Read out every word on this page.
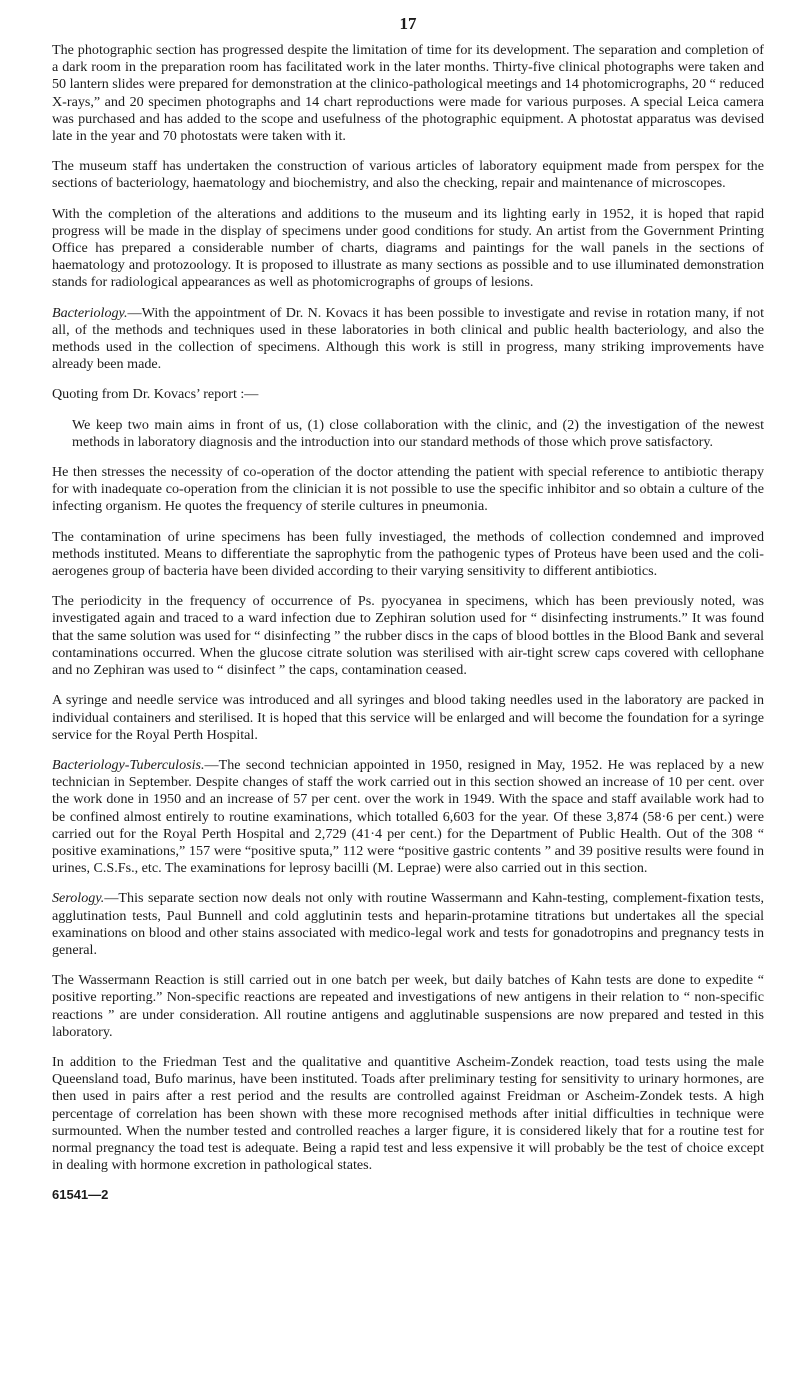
17

The photographic section has progressed despite the limitation of time for its development. The separation and completion of a dark room in the preparation room has facilitated work in the later months. Thirty-five clinical photographs were taken and 50 lantern slides were prepared for demonstration at the clinico-pathological meetings and 14 photomicrographs, 20 “ reduced X-rays,” and 20 specimen photographs and 14 chart reproductions were made for various purposes. A special Leica camera was purchased and has added to the scope and usefulness of the photographic equipment. A photostat apparatus was devised late in the year and 70 photostats were taken with it.

The museum staff has undertaken the construction of various articles of laboratory equipment made from perspex for the sections of bacteriology, haematology and biochemistry, and also the checking, repair and maintenance of microscopes.

With the completion of the alterations and additions to the museum and its lighting early in 1952, it is hoped that rapid progress will be made in the display of specimens under good conditions for study. An artist from the Government Printing Office has prepared a considerable number of charts, diagrams and paintings for the wall panels in the sections of haematology and protozoology. It is proposed to illustrate as many sections as possible and to use illuminated demonstration stands for radiological appearances as well as photomicrographs of groups of lesions.

Bacteriology.—With the appointment of Dr. N. Kovacs it has been possible to investigate and revise in rotation many, if not all, of the methods and techniques used in these laboratories in both clinical and public health bacteriology, and also the methods used in the collection of specimens. Although this work is still in progress, many striking improvements have already been made.

Quoting from Dr. Kovacs’ report :—

We keep two main aims in front of us, (1) close collaboration with the clinic, and (2) the investigation of the newest methods in laboratory diagnosis and the introduction into our standard methods of those which prove satisfactory.

He then stresses the necessity of co-operation of the doctor attending the patient with special reference to antibiotic therapy for with inadequate co-operation from the clinician it is not possible to use the specific inhibitor and so obtain a culture of the infecting organism. He quotes the frequency of sterile cultures in pneumonia.

The contamination of urine specimens has been fully investiaged, the methods of collection condemned and improved methods instituted. Means to differentiate the saprophytic from the pathogenic types of Proteus have been used and the coli-aerogenes group of bacteria have been divided according to their varying sensitivity to different antibiotics.

The periodicity in the frequency of occurrence of Ps. pyocyanea in specimens, which has been previously noted, was investigated again and traced to a ward infection due to Zephiran solution used for “ disinfecting instruments.” It was found that the same solution was used for “ disinfecting ” the rubber discs in the caps of blood bottles in the Blood Bank and several contaminations occurred. When the glucose citrate solution was sterilised with air-tight screw caps covered with cellophane and no Zephiran was used to “ disinfect ” the caps, contamination ceased.

A syringe and needle service was introduced and all syringes and blood taking needles used in the laboratory are packed in individual containers and sterilised. It is hoped that this service will be enlarged and will become the foundation for a syringe service for the Royal Perth Hospital.

Bacteriology-Tuberculosis.—The second technician appointed in 1950, resigned in May, 1952. He was replaced by a new technician in September. Despite changes of staff the work carried out in this section showed an increase of 10 per cent. over the work done in 1950 and an increase of 57 per cent. over the work in 1949. With the space and staff available work had to be confined almost entirely to routine examinations, which totalled 6,603 for the year. Of these 3,874 (58·6 per cent.) were carried out for the Royal Perth Hospital and 2,729 (41·4 per cent.) for the Department of Public Health. Out of the 308 “ positive examinations,” 157 were “positive sputa,” 112 were “positive gastric contents ” and 39 positive results were found in urines, C.S.Fs., etc. The examinations for leprosy bacilli (M. Leprae) were also carried out in this section.

Serology.—This separate section now deals not only with routine Wassermann and Kahn-testing, complement-fixation tests, agglutination tests, Paul Bunnell and cold agglutinin tests and heparin-protamine titrations but undertakes all the special examinations on blood and other stains associated with medico-legal work and tests for gonadotropins and pregnancy tests in general.

The Wassermann Reaction is still carried out in one batch per week, but daily batches of Kahn tests are done to expedite “ positive reporting.” Non-specific reactions are repeated and investigations of new antigens in their relation to “ non-specific reactions ” are under consideration. All routine antigens and agglutinable suspensions are now prepared and tested in this laboratory.

In addition to the Friedman Test and the qualitative and quantitive Ascheim-Zondek reaction, toad tests using the male Queensland toad, Bufo marinus, have been instituted. Toads after preliminary testing for sensitivity to urinary hormones, are then used in pairs after a rest period and the results are controlled against Freidman or Ascheim-Zondek tests. A high percentage of correlation has been shown with these more recognised methods after initial difficulties in technique were surmounted. When the number tested and controlled reaches a larger figure, it is considered likely that for a routine test for normal pregnancy the toad test is adequate. Being a rapid test and less expensive it will probably be the test of choice except in dealing with hormone excretion in pathological states.

61541—2
